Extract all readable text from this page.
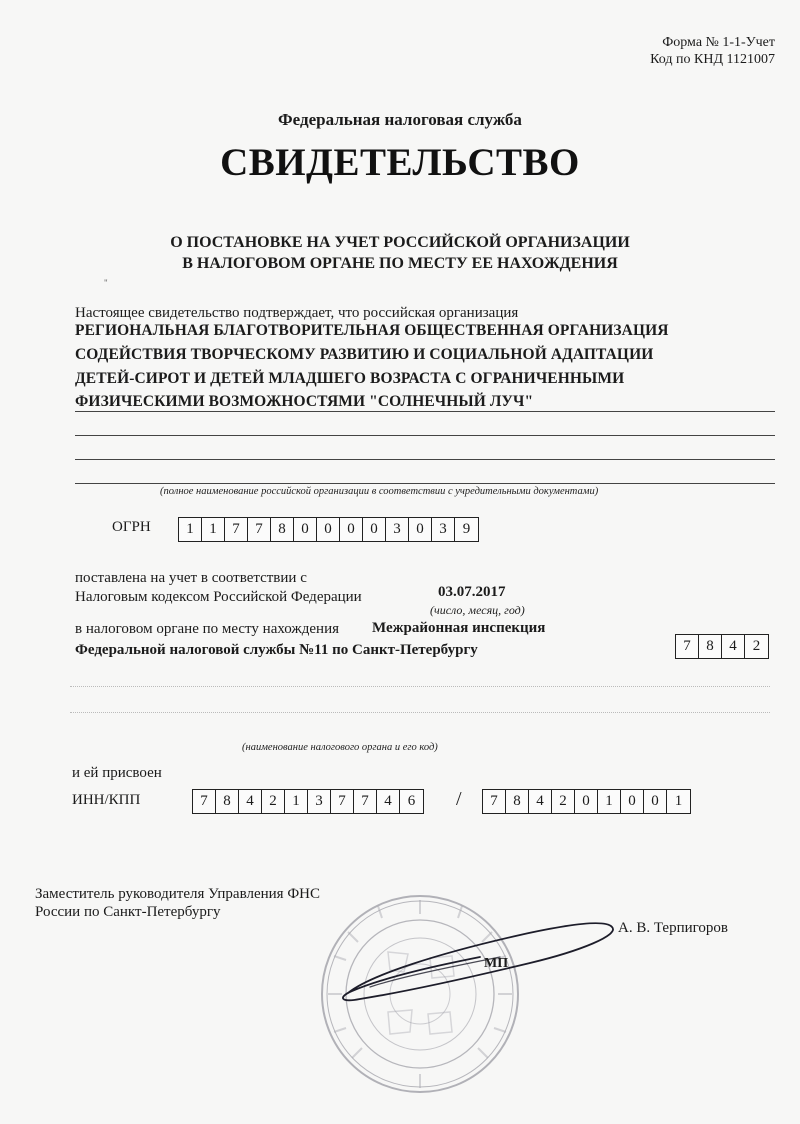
Форма № 1-1-Учет
Код по КНД 1121007
Федеральная налоговая служба
СВИДЕТЕЛЬСТВО
О ПОСТАНОВКЕ НА УЧЕТ РОССИЙСКОЙ ОРГАНИЗАЦИИ
В НАЛОГОВОМ ОРГАНЕ ПО МЕСТУ ЕЕ НАХОЖДЕНИЯ
"
Настоящее свидетельство подтверждает, что российская организация
РЕГИОНАЛЬНАЯ БЛАГОТВОРИТЕЛЬНАЯ ОБЩЕСТВЕННАЯ ОРГАНИЗАЦИЯ
СОДЕЙСТВИЯ ТВОРЧЕСКОМУ РАЗВИТИЮ И СОЦИАЛЬНОЙ АДАПТАЦИИ
ДЕТЕЙ-СИРОТ И ДЕТЕЙ МЛАДШЕГО ВОЗРАСТА С ОГРАНИЧЕННЫМИ
ФИЗИЧЕСКИМИ ВОЗМОЖНОСТЯМИ "СОЛНЕЧНЫЙ ЛУЧ"
(полное наименование российской организации в соответствии с учредительными документами)
ОГРН	1	1	7	7	8	0	0	0	0	3	0	3	9
поставлена на учет в соответствии с
Налоговым кодексом Российской Федерации	03.07.2017
(число, месяц, год)
в налоговом органе по месту нахождения Межрайонная инспекция
Федеральной налоговой службы №11 по Санкт-Петербургу	7	8	4	2
(наименование налогового органа и его код)
и ей присвоен
ИНН/КПП	7	8	4	2	1	3	7	7	4	6	/	7	8	4	2	0	1	0	0	1
Заместитель руководителя Управления ФНС
России по Санкт-Петербургу
А. В. Терпигоров
МП
